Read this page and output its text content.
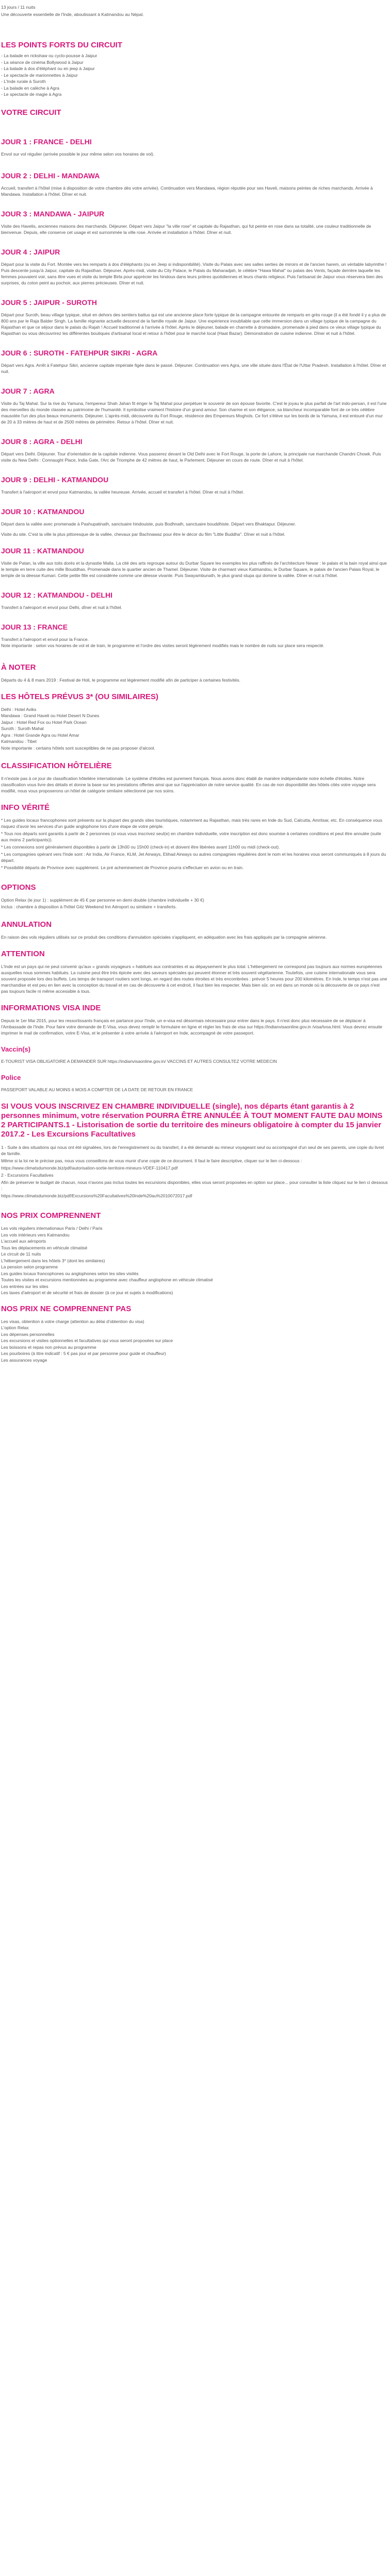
13 jours / 11 nuits

Une découverte essentielle de l'Inde, aboutissant à Katmandou au Népal.

LES POINTS FORTS DU CIRCUIT
- La balade en rickshaw ou cyclo-pousse à Jaipur
- La séance de cinéma Bollywood à Jaipur
- La balade à dos d'éléphant ou en jeep à Jaipur
- Le spectacle de marionnettes à Jaipur
- L'Inde rurale à Suroth
- La balade en calèche à Agra
- Le spectacle de magie à Agra
VOTRE CIRCUIT
JOUR 1 : FRANCE - DELHI

Envol sur vol régulier (arrivée possible le jour même selon vos horaires de vol).

JOUR 2 : DELHI - MANDAWA

Accueil, transfert à l'hôtel (mise à disposition de votre chambre dès votre arrivée). Continuation vers Mandawa, région réputée pour ses Haveli, maisons peintes de riches marchands. Arrivée à Mandawa. Installation à l'hôtel. Dîner et nuit.

JOUR 3 : MANDAWA - JAIPUR

Visite des Havelis, anciennes maisons des marchands. Déjeuner. Départ vers Jaipur "la ville rose" et capitale du Rajasthan, qui fut peinte en rose dans sa totalité, une couleur traditionnelle de bienvenue. Depuis, elle conserve cet usage et est surnommée la ville rose. Arrivée et installation à l'hôtel. Dîner et nuit.

JOUR 4 : JAIPUR

Départ pour la visite du Fort. Montée vers les remparts à dos d'éléphants (ou en Jeep si indisponibilité). Visite du Palais avec ses salles serties de miroirs et de l'ancien harem, un véritable labyrinthe ! Puis descente jusqu'à Jaipur, capitale du Rajasthan. Déjeuner. Après-midi, visite du City Palace, le Palais du Maharadjah, le célèbre "Hawa Mahal" ou palais des Vents, façade derrière laquelle les femmes pouvaient voir, sans être vues et visite du temple Birla pour apprécier les hindous dans leurs prières quotidiennes et leurs chants religieux. Puis l'artisanat de Jaipur vous réservera bien des surprises, du coton peint au pochoir, aux pierres précieuses. Dîner et nuit.

JOUR 5 : JAIPUR - SUROTH

Départ pour Suroth, beau village typique, situé en dehors des sentiers battus qui est une ancienne place forte typique de la campagne entourée de remparts en grès rouge (il a été fondé il y a plus de 800 ans par le Raja Balder Singh. La famille régnante actuelle descend de la famille royale de Jaipur. Une expérience inoubliable que cette immersion dans un village typique de la campagne du Rajasthan et que ce séjour dans le palais du Rajah ! Accueil traditionnel à l'arrivée à l'hôtel. Après le déjeuner, balade en charrette à dromadaire, promenade à pied dans ce vieux village typique du Rajasthan ou vous découvrirez les différentes boutiques d'artisanat local et retour à l'hôtel pour le marché local (Haat Bazar). Démonstration de cuisine indienne. Dîner et nuit à l'hôtel.

JOUR 6 : SUROTH - FATEHPUR SIKRI - AGRA

Départ vers Agra. Arrêt à Fatehpur Sikri, ancienne capitale impériale figée dans le passé. Déjeuner. Continuation vers Agra, une ville située dans l'État de l'Uttar Pradesh. Installation à l'hôtel. Dîner et nuit.

JOUR 7 : AGRA

Visite du Taj Mahal. Sur la rive du Yamuna, l'empereur Shah Jahan fit ériger le Taj Mahal pour perpétuer le souvenir de son épouse favorite. C'est le joyau le plus parfait de l'art indo-persan, il est l'une des merveilles du monde classée au patrimoine de l'humanité. Il symbolise vraiment l'histoire d'un grand amour. Son charme et son élégance, sa blancheur incomparable font de ce très célèbre mausolée l'un des plus beaux monuments. Déjeuner. L'après-midi, découverte du Fort Rouge, résidence des Empereurs Moghols. Ce fort s'élève sur les bords de la Yamuna, il est entouré d'un mur de 20 à 33 mètres de haut et de 2500 mètres de périmètre. Retour à l'hôtel. Dîner et nuit.

JOUR 8 : AGRA - DELHI

Départ vers Delhi. Déjeuner. Tour d'orientation de la capitale indienne. Vous passerez devant le Old Delhi avec le Fort Rouge, la porte de Lahore, la principale rue marchande Chandni Chowk. Puis visite du New Delhi : Connaught Place, India Gate, l'Arc de Triomphe de 42 mètres de haut, le Parlement. Déjeuner en cours de route. Dîner et nuit à l'hôtel.

JOUR 9 : DELHI - KATMANDOU

Transfert à l'aéroport et envol pour Katmandou, la vallée heureuse. Arrivée, accueil et transfert à l'hôtel. Dîner et nuit à l'hôtel.

JOUR 10 : KATMANDOU

Départ dans la vallée avec promenade à Pashupatinath, sanctuaire hindouiste, puis Bodhnath, sanctuaire bouddhiste. Départ vers Bhaktapur. Déjeuner.

Visite du site. C'est la ville la plus pittoresque de la vallée, chevaux par Bachnawaz pour être le décor du film "Little Buddha". Dîner et nuit à l'hôtel.

JOUR 11 : KATMANDOU

Visite de Patan, la ville aux toits dorés et la dynastie Malla. La cité des arts regroupe autour du Durbar Square les exemples les plus raffinés de l'architecture Newar : le palais et la bain royal ainsi que le temple en terre cuite des mille Bouddhas. Promenade dans le quartier ancien de Thamel. Déjeuner. Visite de charmant vieux Katmandou, le Durbar Square, le palais de l'ancien Palais Royal, le temple de la déesse Kumari. Cette petite fille est considérée comme une déesse vivante. Puis Swayambunath, le plus grand stupa qui domine la vallée. Dîner et nuit à l'hôtel.

JOUR 12 : KATMANDOU - DELHI

Transfert à l'aéroport et envol pour Delhi, dîner et nuit à l'hôtel.

JOUR 13 : FRANCE

Transfert à l'aéroport et envol pour la France.

Note importante : selon vos horaires de vol et de train, le programme et l'ordre des visites seront légèrement modifiés mais le nombre de nuits sur place sera respecté.

À NOTER

Départs du 4 & 8 mars 2019 : Festival de Holi, le programme est légèrement modifié afin de participer à certaines festivités.

LES HÔTELS PRÉVUS 3* (OU SIMILAIRES)

Delhi : Hotel Aviks

Mandawa : Grand Haveli ou Hotel Desert N Dunes

Jaipur : Hotel Red Fox ou Hotel Park Ocean

Suroth : Suroth Mahal

Agra : Hotel Grande Agra ou Hotel Amar

Katmandou : Tibet

Note importante : certains hôtels sont susceptibles de ne pas proposer d'alcool.

CLASSIFICATION HÔTELIÈRE

Il n'existe pas à ce jour de classification hôtelière internationale. Le système d'étoiles est purement français. Nous avons donc établi de manière indépendante notre échelle d'étoiles. Notre classification vous livre des détails et donne la base sur les prestations offertes ainsi que sur l'appréciation de notre service qualité. En cas de non disponibilité des hôtels cités votre voyage sera modifié, nous vous proposerons un hôtel de catégorie similaire sélectionné par nos soins.

INFO VÉRITÉ

* Les guides locaux francophones sont présents sur la plupart des grands sites touristiques, notamment au Rajasthan, mais très rares en Inde du Sud, Calcutta, Amritsar, etc. En conséquence vous risquez d'avoir les services d'un guide anglophone lors d'une étape de votre périple.

* Tous nos départs sont garantis à partir de 2 personnes (si vous vous inscrivez seul(e) en chambre individuelle, votre inscription est donc soumise à certaines conditions et peut être annulée (suite aux moins 2 participants)).

* Les connexions sont généralement disponibles à partir de 13h00 ou 15h00 (check-in) et doivent être libérées avant 11h00 ou midi (check-out).

* Les compagnies opérant vers l'Inde sont : Air India, Air France, KLM, Jet Airways, Etihad Airways ou autres compagnies régulières dont le nom et les horaires vous seront communiqués à 8 jours du départ.

* Possibilité départs de Province avec supplément. Le pré acheminement de Province pourra s'effectuer en avion ou en train.

OPTIONS

Option Relax (le jour 1) : supplément de 45 € par personne en demi double (chambre individuelle + 30 €)

Inclus : chambre à disposition à l'hôtel Gitz Weekend Inn Aéroport ou similaire + transferts.

ANNULATION

En raison des vols réguliers utilisés sur ce produit des conditions d'annulation spéciales s'appliquent, en adéquation avec les frais appliqués par la compagnie aérienne.

ATTENTION

L'Inde est un pays qui ne peut convenir qu'aux « grands voyageurs » habitués aux contraintes et au dépaysement le plus total. L'hébergement ne correspond pas toujours aux normes européennes auxquelles nous sommes habitués. La cuisine peut être très épicée avec des saveurs spéciales qui peuvent étonner et très souvent végétarienne. Toutefois, une cuisine internationale vous sera souvent proposée lors des buffets. Les temps de transport routiers sont longs, en regard des routes étroites et très encombrées : prévoir 5 heures pour 200 kilomètres. En Inde, le temps n'est pas une marchandise et est peu en lien avec la conception du travail et en cas de découverte à cet endroit, il faut bien les respecter. Mais bien sûr, on est dans un monde où la découverte de ce pays n'est pas toujours facile ni même accessible à tous.

INFORMATIONS VISA INDE

Depuis le 1er Mai 2015, pour les ressortissants français en partance pour l'Inde, un e-visa est désormais nécessaire pour entrer dans le pays. Il n'est donc plus nécessaire de se déplacer à l'Ambassade de l'Inde. Pour faire votre demande de E-Visa, vous devez remplir le formulaire en ligne et régler les frais de visa sur https://indianvisaonline.gov.in /visa/tvoa.html. Vous devrez ensuite imprimer le mail de confirmation, votre E-Visa, et le présenter à votre arrivée à l'aéroport en Inde, accompagné de votre passeport.

Vaccin(s)

E-TOURIST VISA OBLIGATOIRE A DEMANDER SUR https://indianvisaonline.gov.in/ VACCINS ET AUTRES CONSULTEZ VOTRE MEDECIN

Police

PASSEPORT VALABLE AU MOINS 6 MOIS A COMPTER DE LA DATE DE RETOUR EN FRANCE

SI VOUS VOUS INSCRIVEZ EN CHAMBRE INDIVIDUELLE (single), nos départs étant garantis à 2 personnes minimum, votre réservation POURRA ÊTRE ANNULÉE À TOUT MOMENT FAUTE DAU MOINS 2 PARTICIPANTS.1 - Listorisation de sortie du territoire des mineurs obligatoire à compter du 15 janvier 2017.2 - Les Excursions Facultatives

1 - Suite à des situations qui nous ont été signalées, lors de l'enregistrement ou du transfert, il a été demandé au mineur voyageant seul ou accompagné d'un seul de ses parents, une copie du livret de famille.

Même si la loi ne le précise pas, nous vous conseillons de vous munir d'une copie de ce document. Il faut le faire descriptive, cliquer sur le lien ci-dessous :

https://www.climatsdumonde.biz/pdf/autorisation-sortie-territoire-mineurs-VDEF-110417.pdf

2 - Excursions Facultatives

Afin de préserver le budget de chacun, nous n'avons pas inclus toutes les excursions disponibles, elles vous seront proposées en option sur place... pour consulter la liste cliquez sur le lien ci dessous :

https://www.climatsdumonde.biz/pdf/Excursions%20Facultatives%20Inde%20au%2010072017.pdf

NOS PRIX COMPRENNENT

Les vols réguliers internationaux Paris / Delhi / Paris

Les vols intérieurs vers Katmandou

L'accueil aux aéroports

Tous les déplacements en véhicule climatisé

Le circuit de 11 nuits

L'hébergement dans les hôtels 3* (dont les similaires)

La pension selon programme

Les guides locaux francophones ou anglophones selon les sites visités

Toutes les visites et excursions mentionnées au programme avec chauffeur anglophone en véhicule climatisé

Les entrées sur les sites

Les taxes d'aéroport et de sécurité et frais de dossier (à ce jour et sujets à modifications)

NOS PRIX NE COMPRENNENT PAS

Les visas, obtention à votre charge (attention au délai d'obtention du visa)

L'option Relax

Les dépenses personnelles

Les excursions et visites optionnelles et facultatives qui vous seront proposées sur place

Les boissons et repas non prévus au programme

Les pourboires (à titre indicatif : 5 € pas jour et par personne pour guide et chauffeur)

Les assurances voyage
